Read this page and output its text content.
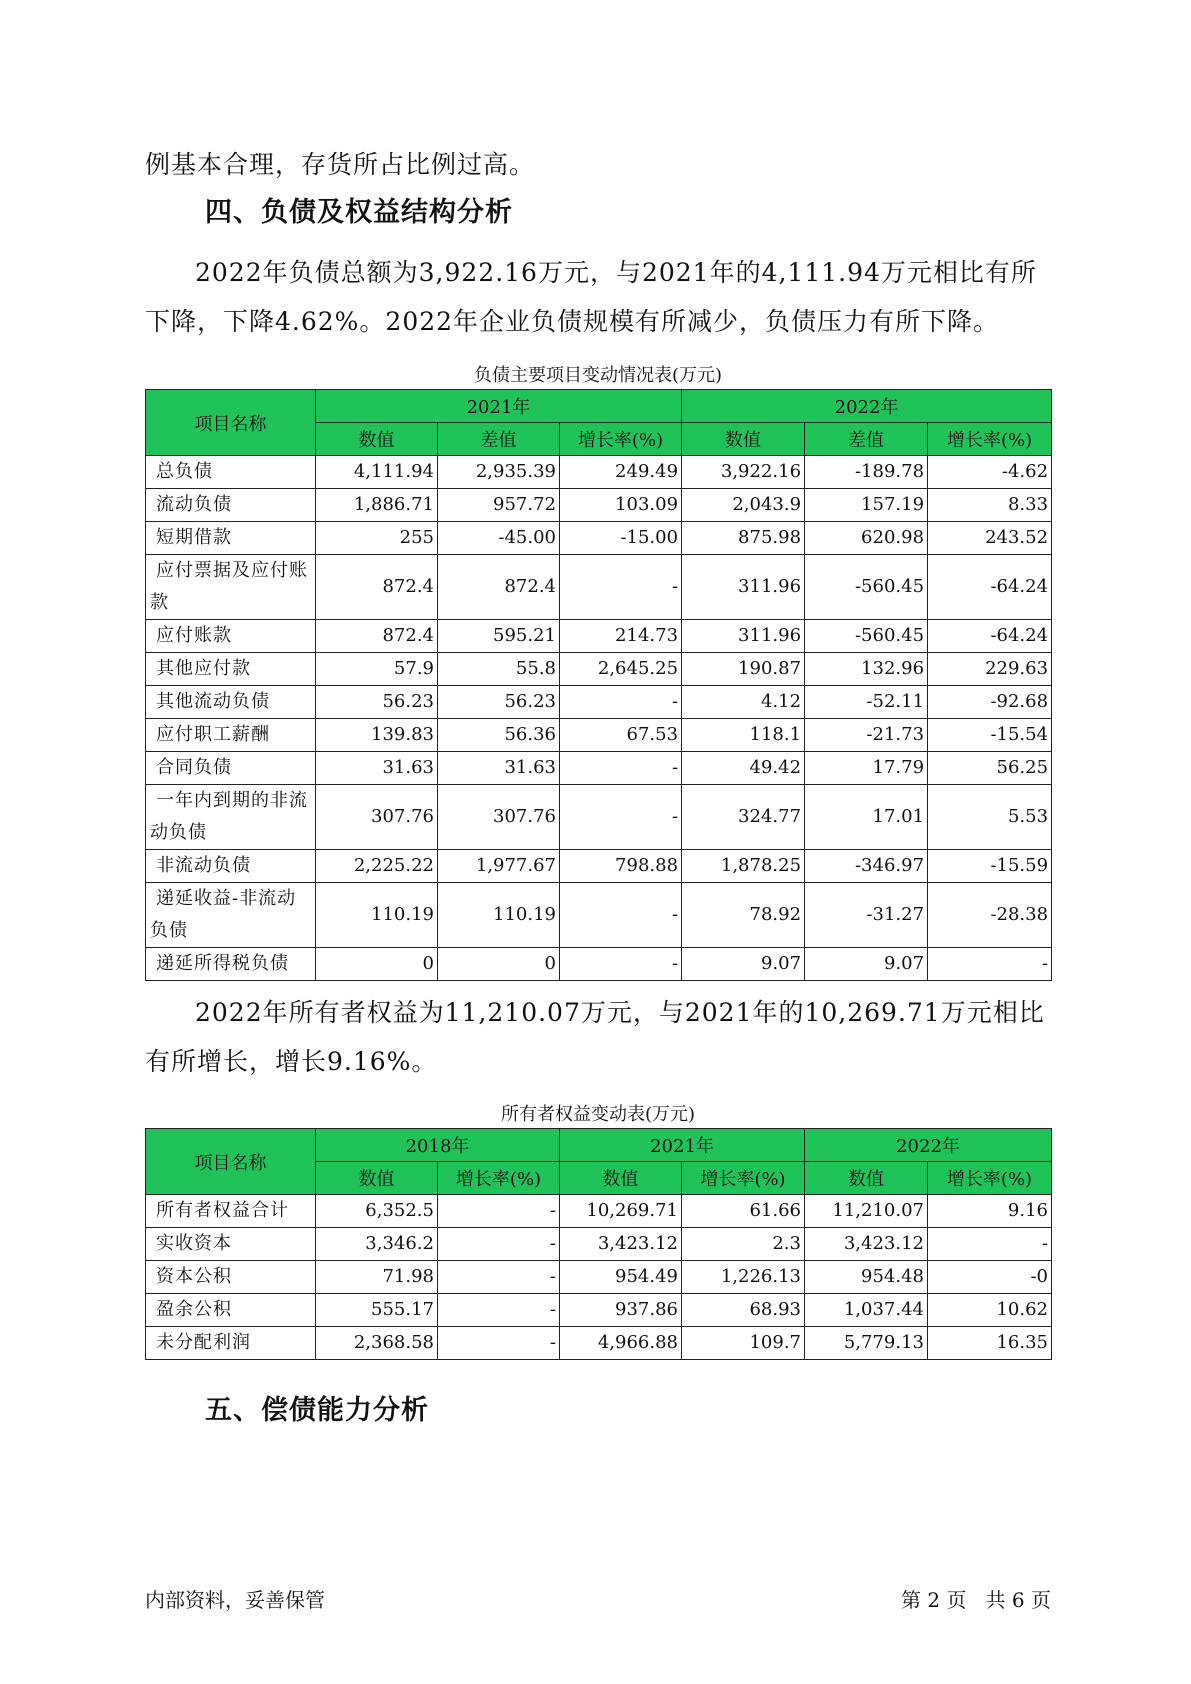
例基本合理，存货所占比例过高。

四、负债及权益结构分析

2022年负债总额为3,922.16万元，与2021年的4,111.94万元相比有所下降，下降4.62%。2022年企业负债规模有所减少，负债压力有所下降。

负债主要项目变动情况表(万元)

项目名称	2021年			2022年		
	数值	差值	增长率(%)	数值	差值	增长率(%)
总负债	4,111.94	2,935.39	249.49	3,922.16	-189.78	-4.62
流动负债	1,886.71	957.72	103.09	2,043.9	157.19	8.33
短期借款	255	-45.00	-15.00	875.98	620.98	243.52
应付票据及应付账款	872.4	872.4	-	311.96	-560.45	-64.24
应付账款	872.4	595.21	214.73	311.96	-560.45	-64.24
其他应付款	57.9	55.8	2,645.25	190.87	132.96	229.63
其他流动负债	56.23	56.23	-	4.12	-52.11	-92.68
应付职工薪酬	139.83	56.36	67.53	118.1	-21.73	-15.54
合同负债	31.63	31.63	-	49.42	17.79	56.25
一年内到期的非流动负债	307.76	307.76	-	324.77	17.01	5.53
非流动负债	2,225.22	1,977.67	798.88	1,878.25	-346.97	-15.59
递延收益-非流动负债	110.19	110.19	-	78.92	-31.27	-28.38
递延所得税负债	0	0	-	9.07	9.07	-

2022年所有者权益为11,210.07万元，与2021年的10,269.71万元相比有所增长，增长9.16%。

所有者权益变动表(万元)

项目名称	2018年		2021年		2022年	
	数值	增长率(%)	数值	增长率(%)	数值	增长率(%)
所有者权益合计	6,352.5	-	10,269.71	61.66	11,210.07	9.16
实收资本	3,346.2	-	3,423.12	2.3	3,423.12	-
资本公积	71.98	-	954.49	1,226.13	954.48	-0
盈余公积	555.17	-	937.86	68.93	1,037.44	10.62
未分配利润	2,368.58	-	4,966.88	109.7	5,779.13	16.35
五、偿债能力分析

内部资料，妥善保管	第 2 页   共 6 页
